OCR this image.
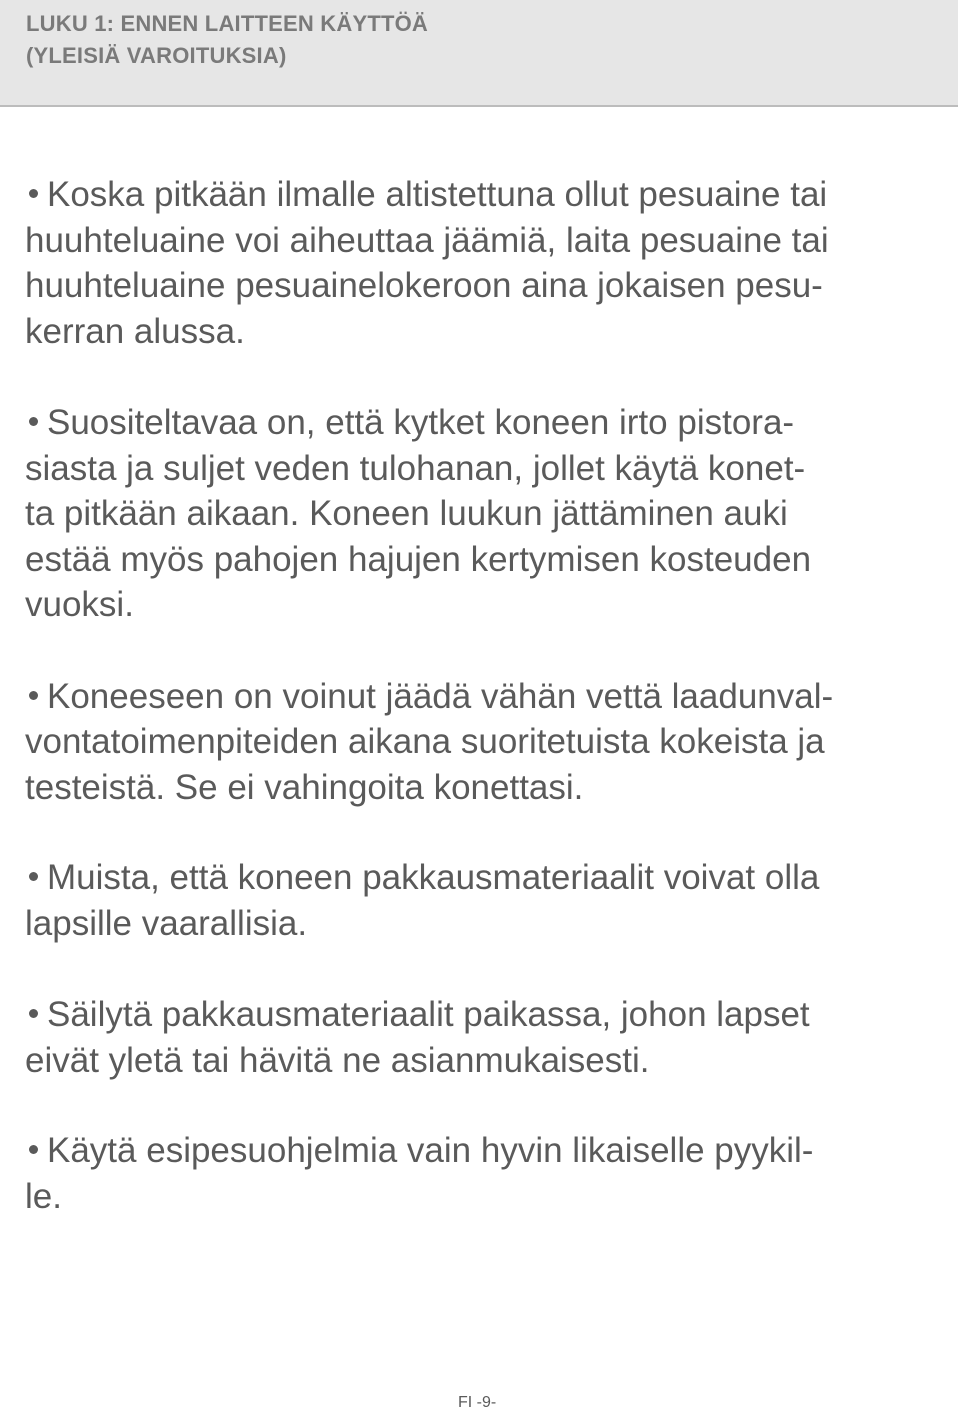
LUKU 1: ENNEN LAITTEEN KÄYTTÖÄ
(YLEISIÄ VAROITUKSIA)
Koska pitkään ilmalle altistettuna ollut pesuaine tai
huuhteluaine voi aiheuttaa jäämiä, laita pesuaine tai
huuhteluaine pesuainelokeroon aina jokaisen pesu-
kerran alussa.
Suositeltavaa on, että kytket koneen irto pistora-
siasta ja suljet veden tulohanan, jollet käytä konet-
ta pitkään aikaan. Koneen luukun jättäminen auki
estää myös pahojen hajujen kertymisen kosteuden
vuoksi.
Koneeseen on voinut jäädä vähän vettä laadunval-
vontatoimenpiteiden aikana suoritetuista kokeista ja
testeistä. Se ei vahingoita konettasi.
Muista, että koneen pakkausmateriaalit voivat olla
lapsille vaarallisia.
Säilytä pakkausmateriaalit paikassa, johon lapset
eivät yletä tai hävitä ne asianmukaisesti.
Käytä esipesuohjelmia vain hyvin likaiselle pyykil-
le.
FI -9-
